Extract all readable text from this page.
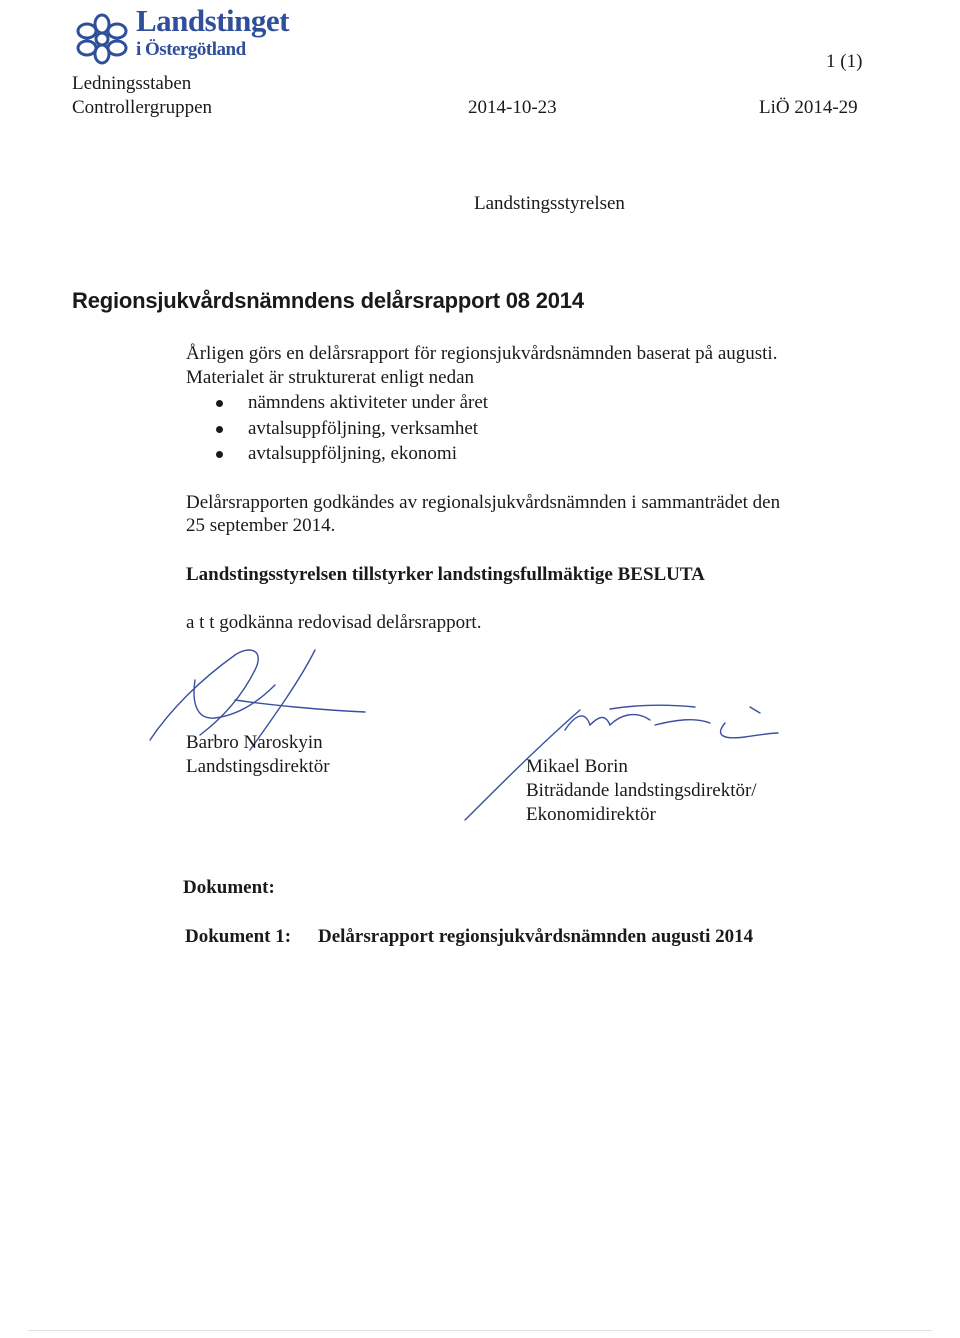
Landstinget
i Östergötland
1 (1)
Ledningsstaben
Controllergruppen	2014-10-23	LiÖ 2014-29
Landstingsstyrelsen
Regionsjukvårdsnämndens delårsrapport 08 2014
Årligen görs en delårsrapport för regionsjukvårdsnämnden baserat på augusti.
Materialet är strukturerat enligt nedan
nämndens aktiviteter under året
avtalsuppföljning, verksamhet
avtalsuppföljning, ekonomi
Delårsrapporten godkändes av regionalsjukvårdsnämnden i sammanträdet den
25 september 2014.
Landstingsstyrelsen tillstyrker landstingsfullmäktige BESLUTA
a t t godkänna redovisad delårsrapport.
Barbro Naroskyin
Landstingsdirektör	Mikael Borin
Biträdande landstingsdirektör/
Ekonomidirektör
Dokument:
Dokument 1: Delårsrapport regionsjukvårdsnämnden augusti 2014
